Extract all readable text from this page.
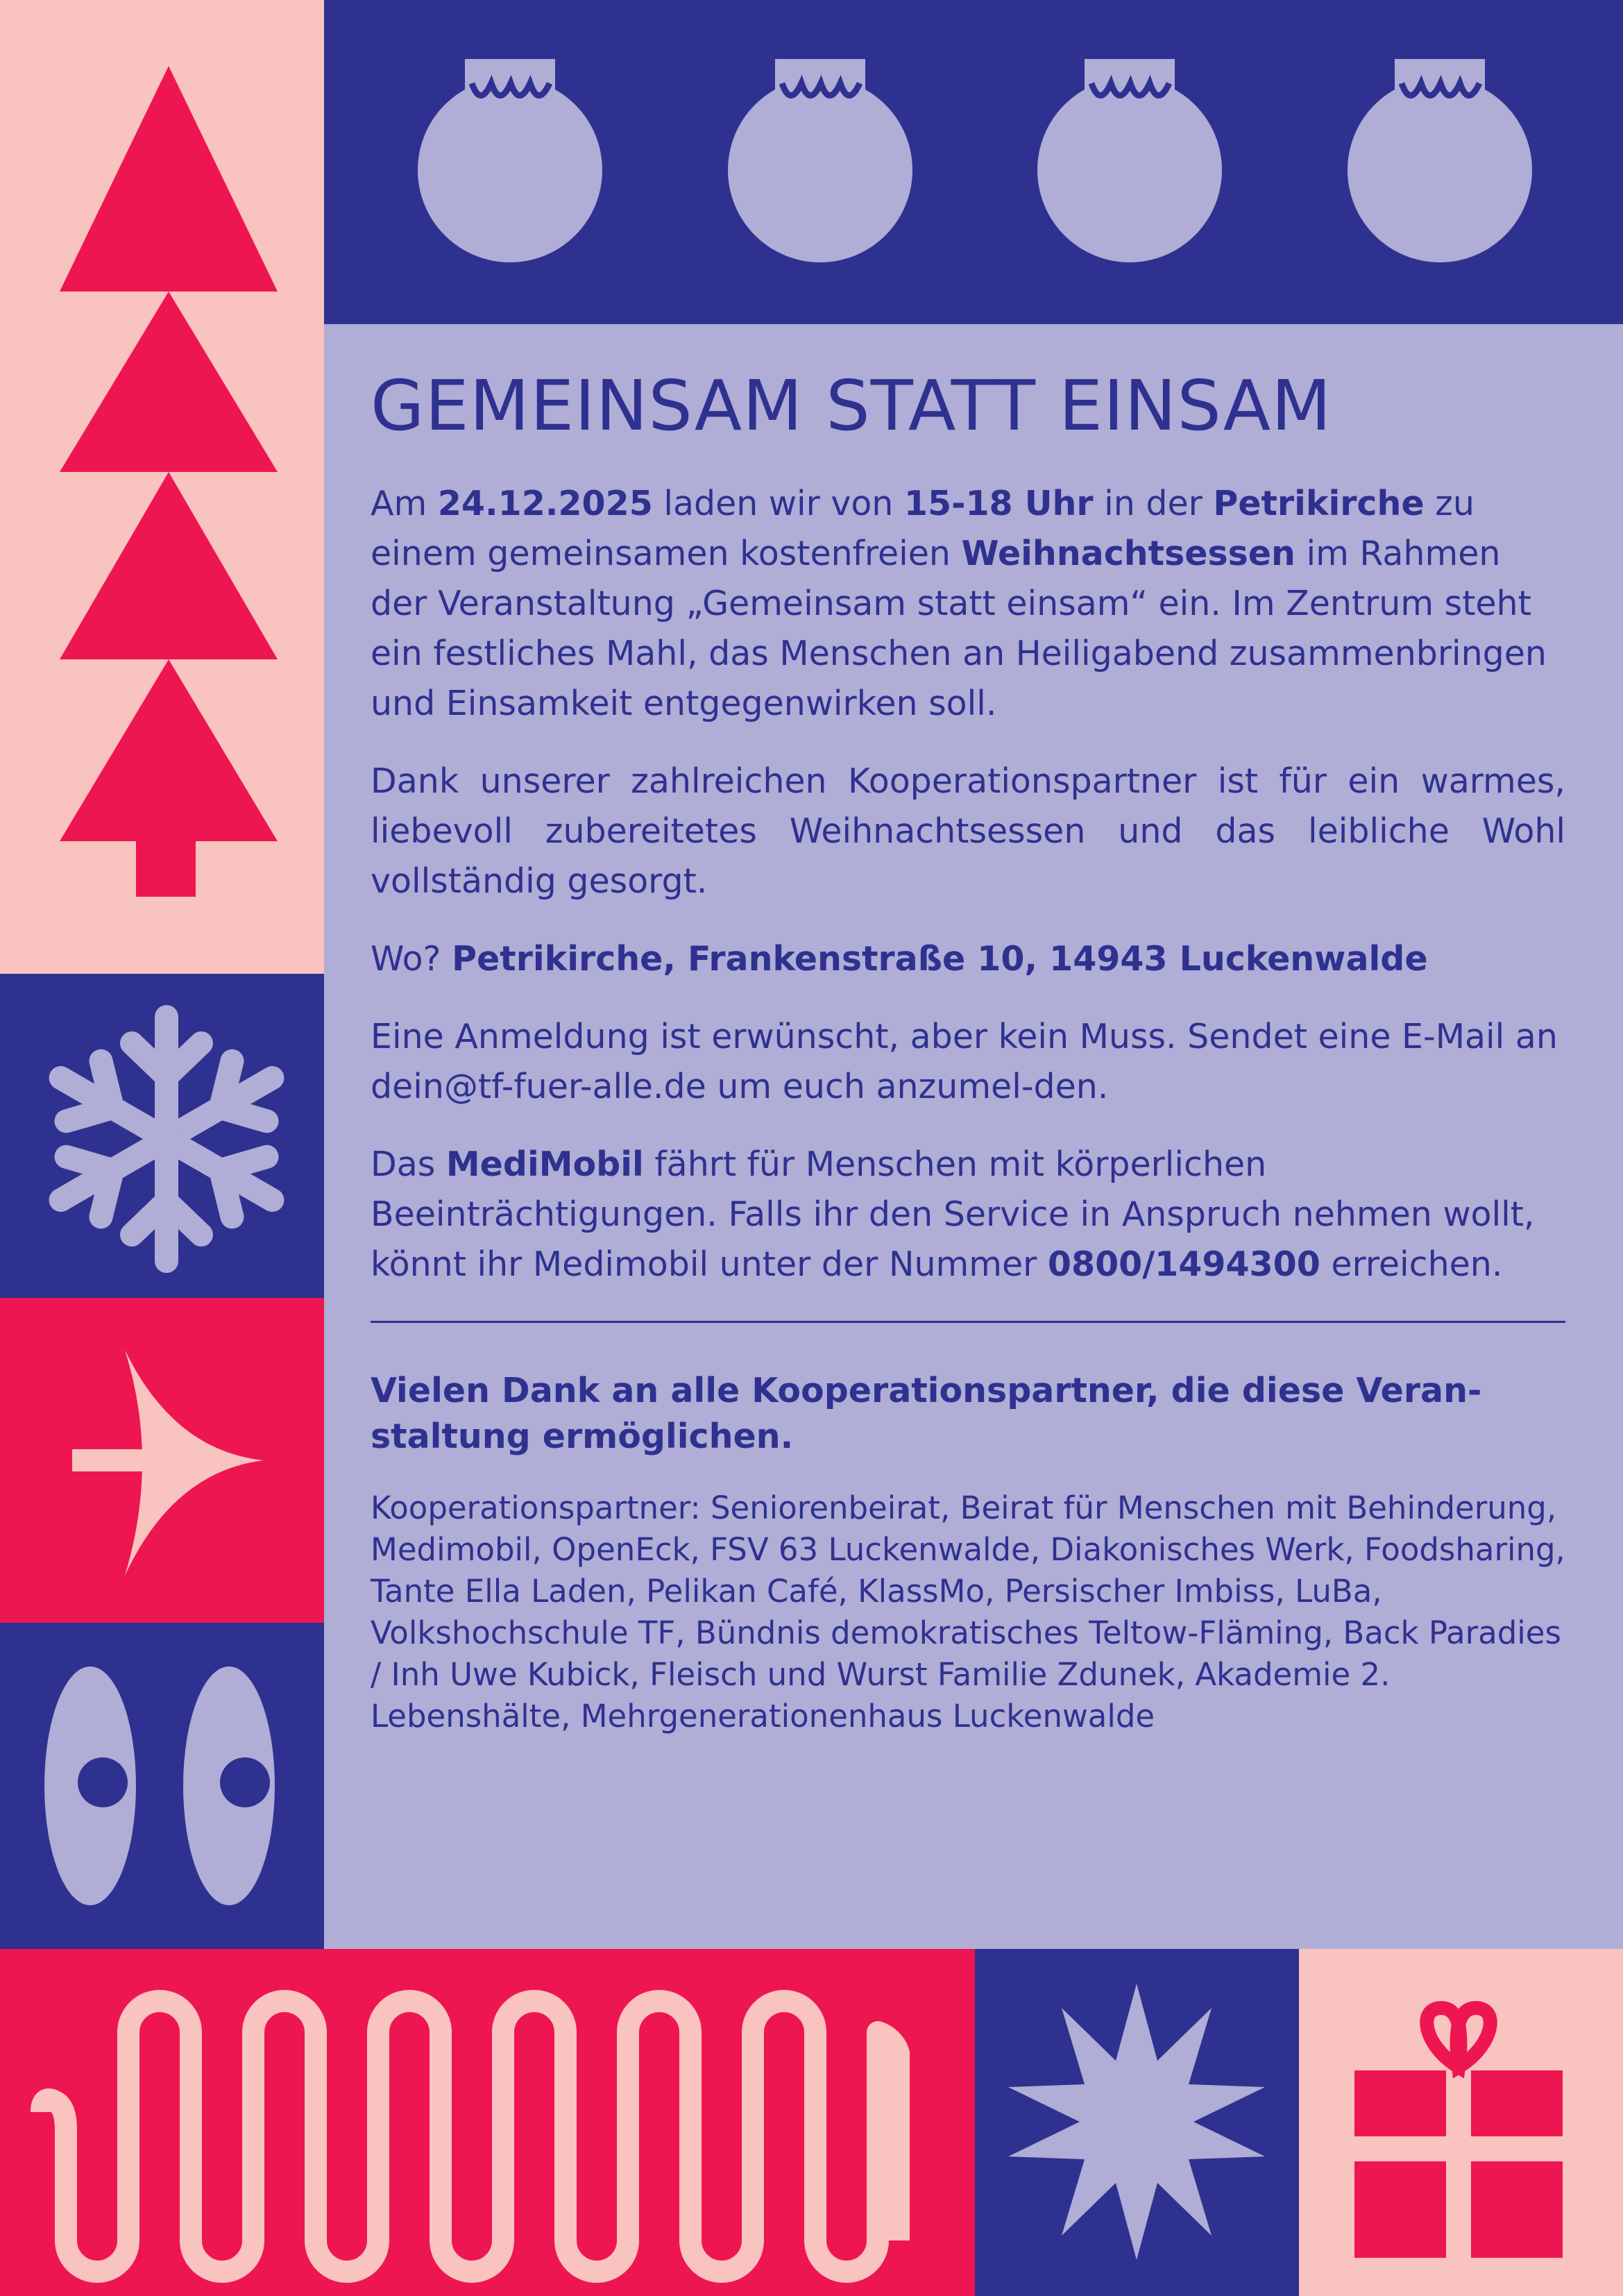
GEMEINSAM STATT EINSAM

Am 24.12.2025 laden wir von 15-18 Uhr in der Petrikirche zu einem gemeinsamen kostenfreien Weihnachtsessen im Rahmen der Veranstaltung „Gemeinsam statt einsam“ ein. Im Zentrum steht ein festliches Mahl, das Menschen an Heiligabend zusammenbringen und Einsamkeit entgegenwirken soll.

Dank unserer zahlreichen Kooperationspartner ist für ein warmes, liebevoll zubereitetes Weihnachtsessen und das leibliche Wohl vollständig gesorgt.

Wo? Petrikirche, Frankenstraße 10, 14943 Luckenwalde

Eine Anmeldung ist erwünscht, aber kein Muss. Sendet eine E-Mail an dein@tf-fuer-alle.de um euch anzumel-den.

Das MediMobil fährt für Menschen mit körperlichen Beeinträchtigungen. Falls ihr den Service in Anspruch nehmen wollt, könnt ihr Medimobil unter der Nummer 0800/1494300 erreichen.

Vielen Dank an alle Kooperationspartner, die diese Veran-staltung ermöglichen.

Kooperationspartner: Seniorenbeirat, Beirat für Menschen mit Behinderung, Medimobil, OpenEck, FSV 63 Luckenwalde, Diakonisches Werk, Foodsharing, Tante Ella Laden, Pelikan Café, KlassMo, Persischer Imbiss, LuBa, Volkshochschule TF, Bündnis demokratisches Teltow-Fläming, Back Paradies / Inh Uwe Kubick, Fleisch und Wurst Familie Zdunek, Akademie 2. Lebenshälte, Mehrgenerationenhaus Luckenwalde
